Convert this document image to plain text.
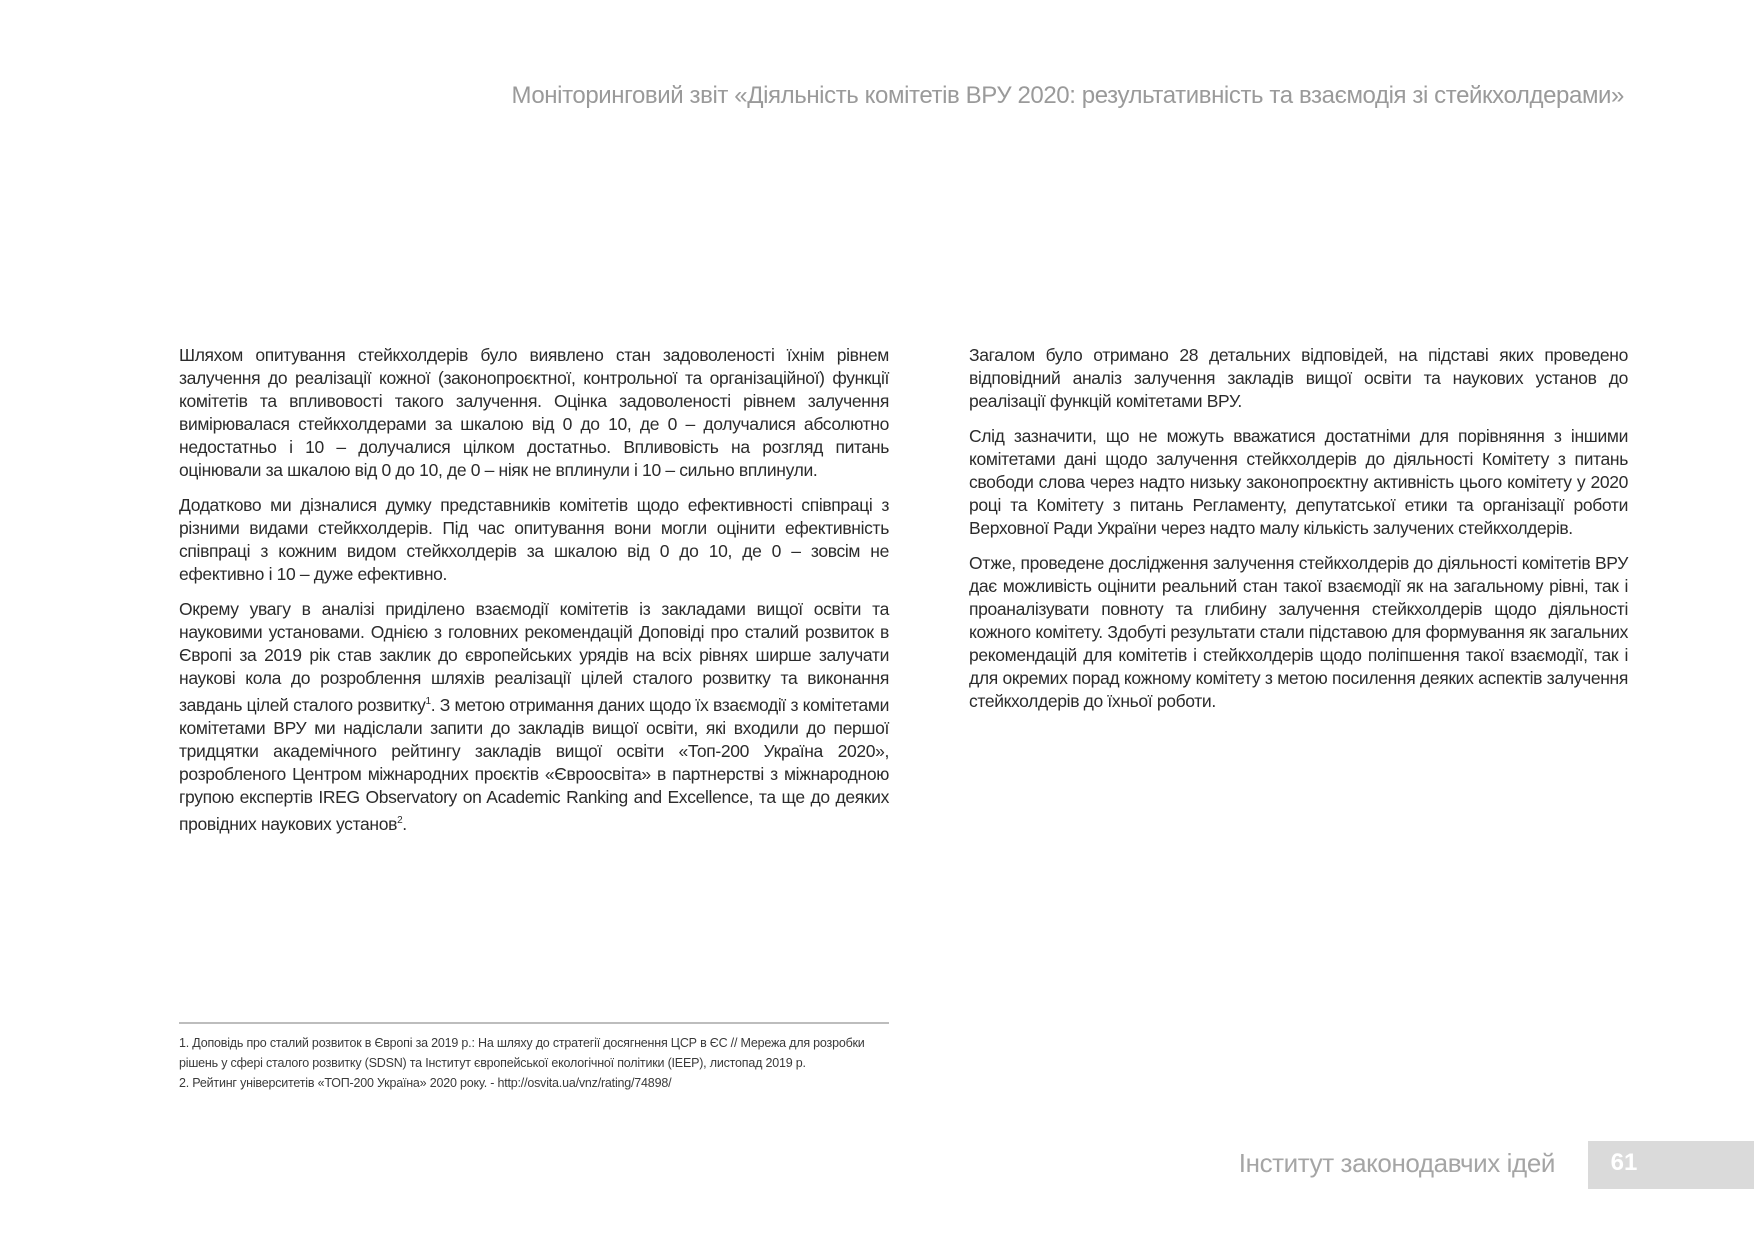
Моніторинговий звіт «Діяльність комітетів ВРУ 2020: результативність та взаємодія зі стейкхолдерами»

Шляхом опитування стейкхолдерів було виявлено стан задоволеності їхнім рівнем залучення до реалізації кожної (законопроєктної, контрольної та організаційної) функції комітетів та впливовості такого залучення. Оцінка задоволеності рівнем залучення вимірювалася стейкхолдерами за шкалою від 0 до 10, де 0 – долучалися абсолютно недостатньо і 10 – долучалися цілком достатньо. Впливовість на розгляд питань оцінювали за шкалою від 0 до 10, де 0 – ніяк не вплинули і 10 – сильно вплинули.

Додатково ми дізналися думку представників комітетів щодо ефективності співпраці з різними видами стейкхолдерів. Під час опитування вони могли оцінити ефективність співпраці з кожним видом стейкхолдерів за шкалою від 0 до 10, де 0 – зовсім не ефективно і 10 – дуже ефективно.

Окрему увагу в аналізі приділено взаємодії комітетів із закладами вищої освіти та науковими установами. Однією з головних рекомендацій Доповіді про сталий розвиток в Європі за 2019 рік став заклик до європейських урядів на всіх рівнях ширше залучати наукові кола до розроблення шляхів реалізації цілей сталого розвитку та виконання завдань цілей сталого розвитку$^1$. З метою отримання даних щодо їх взаємодії з комітетами комітетами ВРУ ми надіслали запити до закладів вищої освіти, які входили до першої тридцятки академічного рейтингу закладів вищої освіти «Топ-200 Україна 2020», розробленого Центром міжнародних проєктів «Євроосвіта» в партнерстві з міжнародною групою експертів IREG Observatory on Academic Ranking and Excellence, та ще до деяких провідних наукових установ$^2$.

Загалом було отримано 28 детальних відповідей, на підставі яких проведено відповідний аналіз залучення закладів вищої освіти та наукових установ до реалізації функцій комітетами ВРУ.

Слід зазначити, що не можуть вважатися достатніми для порівняння з іншими комітетами дані щодо залучення стейкхолдерів до діяльності Комітету з питань свободи слова через надто низьку законопроєктну активність цього комітету у 2020 році та Комітету з питань Регламенту, депутатської етики та організації роботи Верховної Ради України через надто малу кількість залучених стейкхолдерів.

Отже, проведене дослідження залучення стейкхолдерів до діяльності комітетів ВРУ дає можливість оцінити реальний стан такої взаємодії як на загальному рівні, так і проаналізувати повноту та глибину залучення стейкхолдерів щодо діяльності кожного комітету. Здобуті результати стали підставою для формування як загальних рекомендацій для комітетів і стейкхолдерів щодо поліпшення такої взаємодії, так і для окремих порад кожному комітету з метою посилення деяких аспектів залучення стейкхолдерів до їхньої роботи.

1. Доповідь про сталий розвиток в Європі за 2019 р.: На шляху до стратегії досягнення ЦСР в ЄС // Мережа для розробки рішень у сфері сталого розвитку (SDSN) та Інститут європейської екологічної політики (IEEP), листопад 2019 р.

2. Рейтинг університетів «ТОП-200 Україна» 2020 року. - http://osvita.ua/vnz/rating/74898/

Інститут законодавчих ідей	61
